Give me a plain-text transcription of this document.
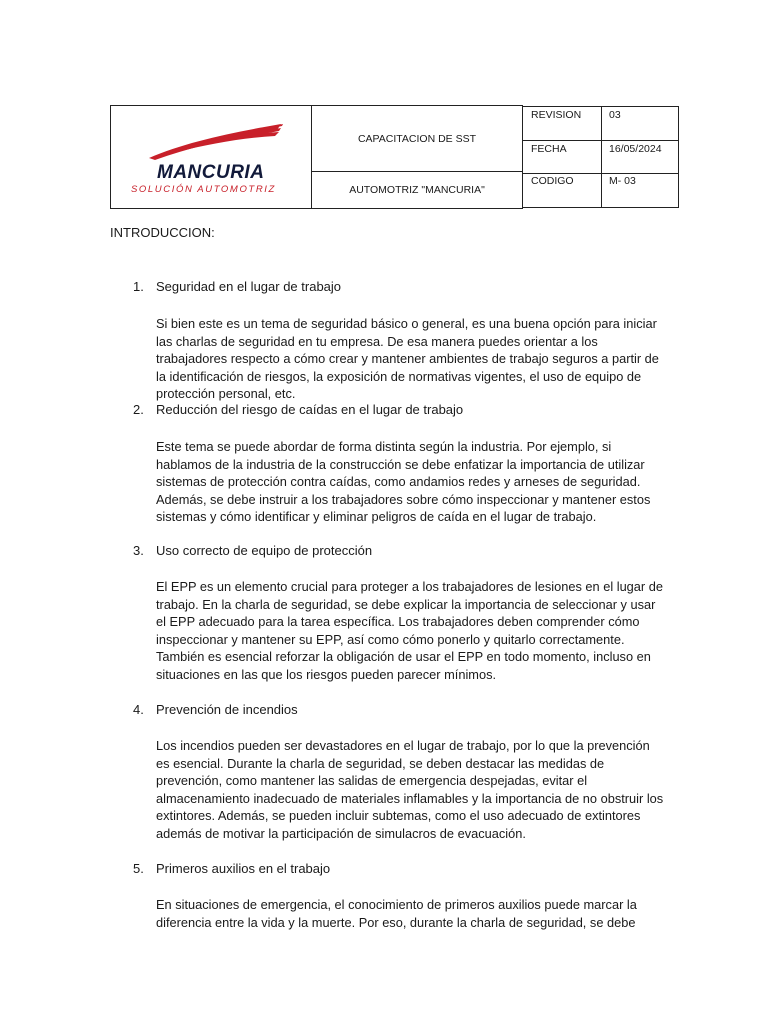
MANCURIA
SOLUCIÓN AUTOMOTRIZ
CAPACITACION DE SST
AUTOMOTRIZ "MANCURIA"
REVISION	03
FECHA	16/05/2024
CODIGO	M- 03
INTRODUCCION:
1. Seguridad en el lugar de trabajo
Si bien este es un tema de seguridad básico o general, es una buena opción para iniciar las charlas de seguridad en tu empresa. De esa manera puedes orientar a los trabajadores respecto a cómo crear y mantener ambientes de trabajo seguros a partir de la identificación de riesgos, la exposición de normativas vigentes, el uso de equipo de protección personal, etc.
2. Reducción del riesgo de caídas en el lugar de trabajo
Este tema se puede abordar de forma distinta según la industria. Por ejemplo, si hablamos de la industria de la construcción se debe enfatizar la importancia de utilizar sistemas de protección contra caídas, como andamios redes y arneses de seguridad. Además, se debe instruir a los trabajadores sobre cómo inspeccionar y mantener estos sistemas y cómo identificar y eliminar peligros de caída en el lugar de trabajo.
3. Uso correcto de equipo de protección
El EPP es un elemento crucial para proteger a los trabajadores de lesiones en el lugar de trabajo. En la charla de seguridad, se debe explicar la importancia de seleccionar y usar el EPP adecuado para la tarea específica. Los trabajadores deben comprender cómo inspeccionar y mantener su EPP, así como cómo ponerlo y quitarlo correctamente. También es esencial reforzar la obligación de usar el EPP en todo momento, incluso en situaciones en las que los riesgos pueden parecer mínimos.
4. Prevención de incendios
Los incendios pueden ser devastadores en el lugar de trabajo, por lo que la prevención es esencial. Durante la charla de seguridad, se deben destacar las medidas de prevención, como mantener las salidas de emergencia despejadas, evitar el almacenamiento inadecuado de materiales inflamables y la importancia de no obstruir los extintores. Además, se pueden incluir subtemas, como el uso adecuado de extintores además de motivar la participación de simulacros de evacuación.
5. Primeros auxilios en el trabajo
En situaciones de emergencia, el conocimiento de primeros auxilios puede marcar la diferencia entre la vida y la muerte. Por eso, durante la charla de seguridad, se debe
